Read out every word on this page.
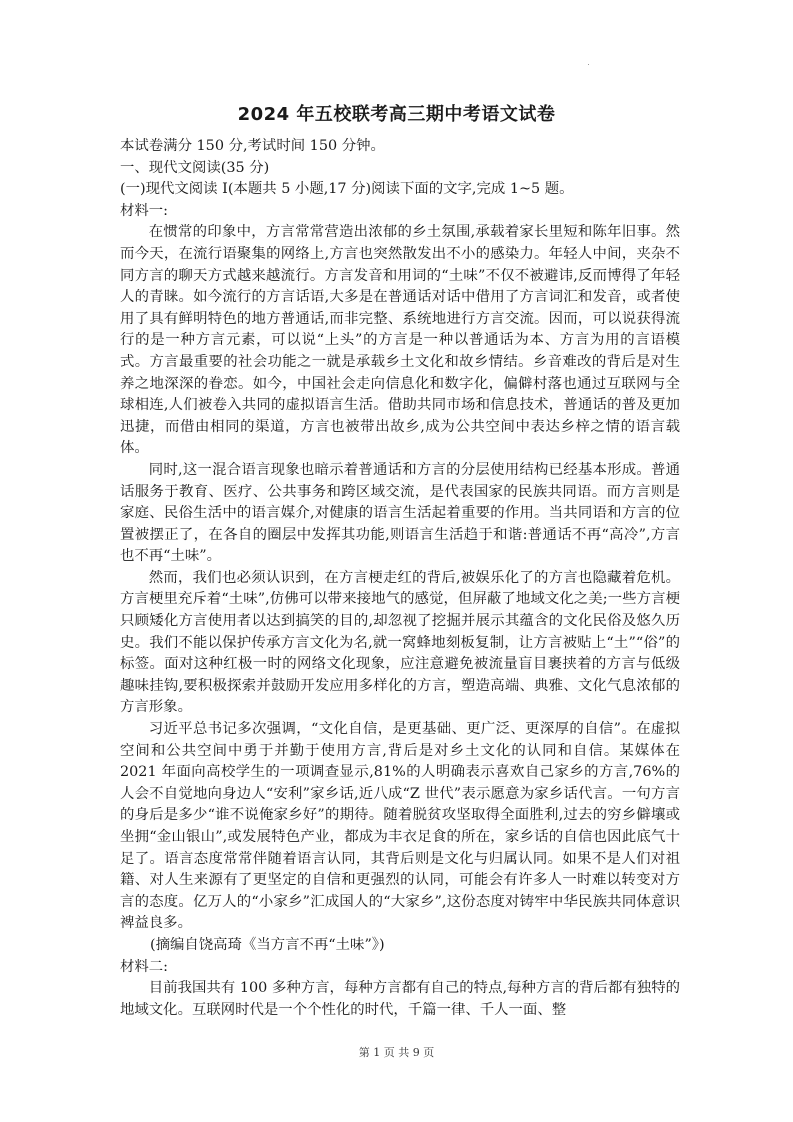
2024 年五校联考高三期中考语文试卷
本试卷满分 150 分,考试时间 150 分钟。
一、现代文阅读(35 分)
(一)现代文阅读 I(本题共 5 小题,17 分)阅读下面的文字,完成 1~5 题。
材料一:

在惯常的印象中，方言常常营造出浓郁的乡土氛围,承载着家长里短和陈年旧事。然而今天，在流行语聚集的网络上,方言也突然散发出不小的感染力。年轻人中间，夹杂不同方言的聊天方式越来越流行。方言发音和用词的“土味”不仅不被避讳,反而博得了年轻人的青睐。如今流行的方言话语,大多是在普通话对话中借用了方言词汇和发音，或者使用了具有鲜明特色的地方普通话,而非完整、系统地进行方言交流。因而，可以说获得流行的是一种方言元素，可以说“上头”的方言是一种以普通话为本、方言为用的言语模式。方言最重要的社会功能之一就是承载乡土文化和故乡情结。乡音难改的背后是对生养之地深深的眷恋。如今，中国社会走向信息化和数字化，偏僻村落也通过互联网与全球相连,人们被卷入共同的虚拟语言生活。借助共同市场和信息技术，普通话的普及更加迅捷，而借由相同的渠道，方言也被带出故乡,成为公共空间中表达乡梓之情的语言载体。

同时,这一混合语言现象也暗示着普通话和方言的分层使用结构已经基本形成。普通话服务于教育、医疗、公共事务和跨区域交流，是代表国家的民族共同语。而方言则是家庭、民俗生活中的语言媒介,对健康的语言生活起着重要的作用。当共同语和方言的位置被摆正了，在各自的圈层中发挥其功能,则语言生活趋于和谐:普通话不再“高冷”,方言也不再“土味”。

然而，我们也必须认识到，在方言梗走红的背后,被娱乐化了的方言也隐藏着危机。方言梗里充斥着“土味”,仿佛可以带来接地气的感觉，但屏蔽了地域文化之美;一些方言梗只顾矮化方言使用者以达到搞笑的目的,却忽视了挖掘并展示其蕴含的文化民俗及悠久历史。我们不能以保护传承方言文化为名,就一窝蜂地刻板复制，让方言被贴上“土”“俗”的标签。面对这种红极一时的网络文化现象，应注意避免被流量盲目裹挟着的方言与低级趣味挂钩,要积极探索并鼓励开发应用多样化的方言，塑造高端、典雅、文化气息浓郁的方言形象。

习近平总书记多次强调，“文化自信，是更基础、更广泛、更深厚的自信”。在虚拟空间和公共空间中勇于并勤于使用方言,背后是对乡土文化的认同和自信。某媒体在 2021 年面向高校学生的一项调查显示,81%的人明确表示喜欢自己家乡的方言,76%的人会不自觉地向身边人“安利”家乡话,近八成“Z 世代”表示愿意为家乡话代言。一句方言的身后是多少“谁不说俺家乡好”的期待。随着脱贫攻坚取得全面胜利,过去的穷乡僻壤或坐拥“金山银山”,或发展特色产业，都成为丰衣足食的所在，家乡话的自信也因此底气十足了。语言态度常常伴随着语言认同，其背后则是文化与归属认同。如果不是人们对祖籍、对人生来源有了更坚定的自信和更强烈的认同，可能会有许多人一时难以转变对方言的态度。亿万人的“小家乡”汇成国人的“大家乡”,这份态度对铸牢中华民族共同体意识裨益良多。

(摘编自饶高琦《当方言不再“土味”》)
材料二:

目前我国共有 100 多种方言，每种方言都有自己的特点,每种方言的背后都有独特的地域文化。互联网时代是一个个性化的时代，千篇一律、千人一面、整

第 1 页 共 9 页
